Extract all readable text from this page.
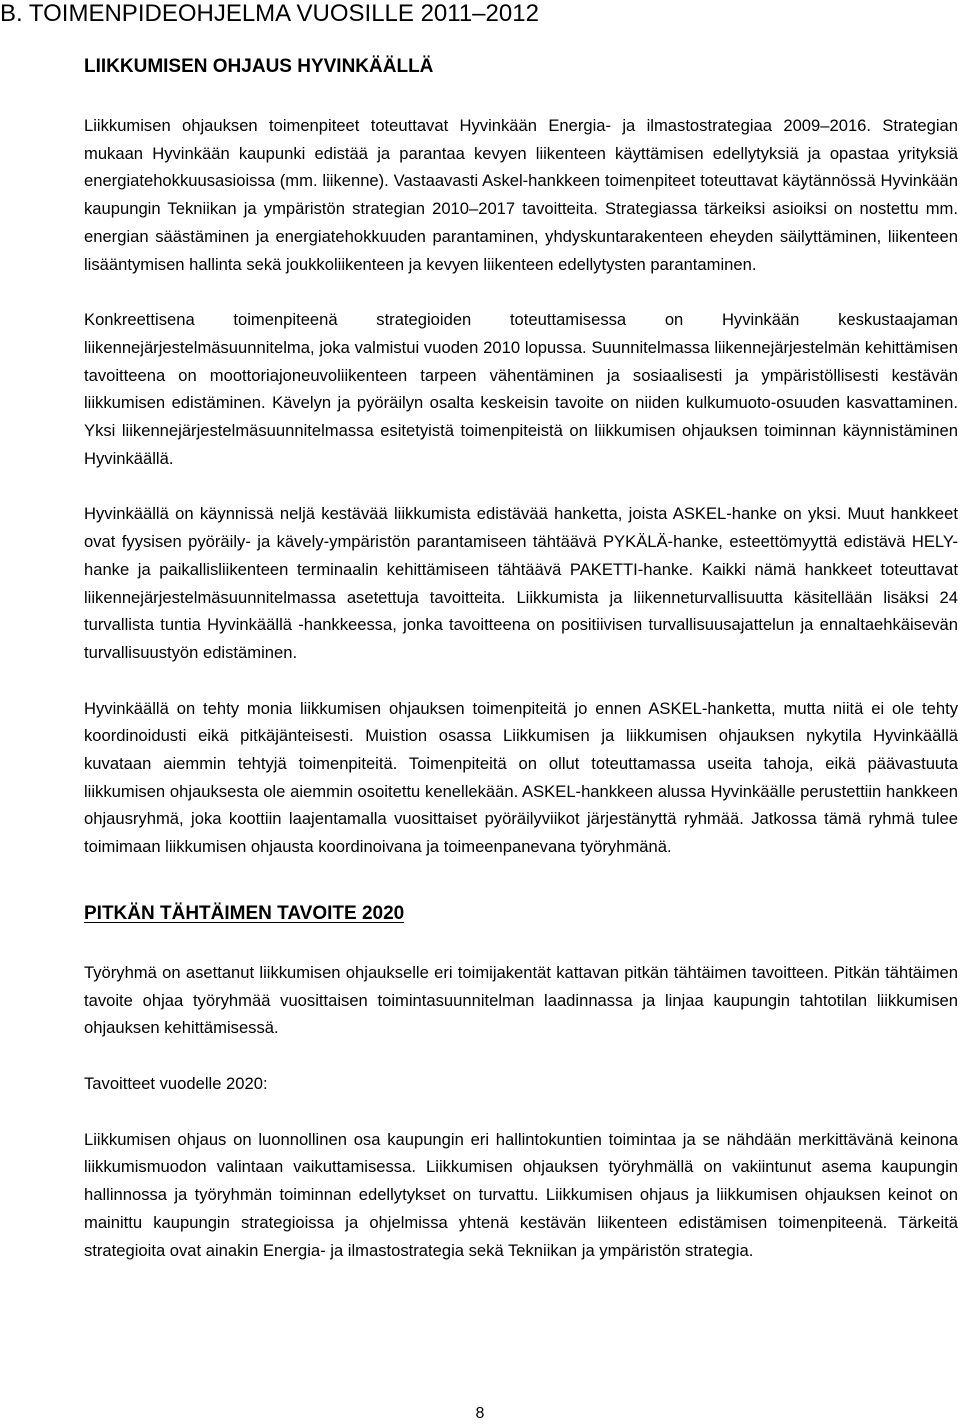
B. TOIMENPIDEOHJELMA VUOSILLE 2011–2012
LIIKKUMISEN OHJAUS HYVINKÄÄLLÄ

Liikkumisen ohjauksen toimenpiteet toteuttavat Hyvinkään Energia- ja ilmastostrategiaa 2009–2016. Strategian mukaan Hyvinkään kaupunki edistää ja parantaa kevyen liikenteen käyttämisen edellytyksiä ja opastaa yrityksiä energiatehokkuusasioissa (mm. liikenne). Vastaavasti Askel-hankkeen toimenpiteet toteuttavat käytännössä Hyvinkään kaupungin Tekniikan ja ympäristön strategian 2010–2017 tavoitteita. Strategiassa tärkeiksi asioiksi on nostettu mm. energian säästäminen ja energiatehokkuuden parantaminen, yhdyskuntarakenteen eheyden säilyttäminen, liikenteen lisääntymisen hallinta sekä joukkoliikenteen ja kevyen liikenteen edellytysten parantaminen.

Konkreettisena toimenpiteenä strategioiden toteuttamisessa on Hyvinkään keskustaajaman liikennejärjestelmäsuunnitelma, joka valmistui vuoden 2010 lopussa. Suunnitelmassa liikennejärjestelmän kehittämisen tavoitteena on moottoriajoneuvoliikenteen tarpeen vähentäminen ja sosiaalisesti ja ympäristöllisesti kestävän liikkumisen edistäminen. Kävelyn ja pyöräilyn osalta keskeisin tavoite on niiden kulkumuoto-osuuden kasvattaminen. Yksi liikennejärjestelmäsuunnitelmassa esitetyistä toimenpiteistä on liikkumisen ohjauksen toiminnan käynnistäminen Hyvinkäällä.

Hyvinkäällä on käynnissä neljä kestävää liikkumista edistävää hanketta, joista ASKEL-hanke on yksi. Muut hankkeet ovat fyysisen pyöräily- ja kävely-ympäristön parantamiseen tähtäävä PYKÄLÄ-hanke, esteettömyyttä edistävä HELY-hanke ja paikallisliikenteen terminaalin kehittämiseen tähtäävä PAKETTI-hanke. Kaikki nämä hankkeet toteuttavat liikennejärjestelmäsuunnitelmassa asetettuja tavoitteita. Liikkumista ja liikenneturvallisuutta käsitellään lisäksi 24 turvallista tuntia Hyvinkäällä -hankkeessa, jonka tavoitteena on positiivisen turvallisuusajattelun ja ennaltaehkäisevän turvallisuustyön edistäminen.

Hyvinkäällä on tehty monia liikkumisen ohjauksen toimenpiteitä jo ennen ASKEL-hanketta, mutta niitä ei ole tehty koordinoidusti eikä pitkäjänteisesti. Muistion osassa Liikkumisen ja liikkumisen ohjauksen nykytila Hyvinkäällä kuvataan aiemmin tehtyjä toimenpiteitä. Toimenpiteitä on ollut toteuttamassa useita tahoja, eikä päävastuuta liikkumisen ohjauksesta ole aiemmin osoitettu kenellekään. ASKEL-hankkeen alussa Hyvinkäälle perustettiin hankkeen ohjausryhmä, joka koottiin laajentamalla vuosittaiset pyöräilyviikot järjestänyttä ryhmää. Jatkossa tämä ryhmä tulee toimimaan liikkumisen ohjausta koordinoivana ja toimeenpanevana työryhmänä.

PITKÄN TÄHTÄIMEN TAVOITE 2020

Työryhmä on asettanut liikkumisen ohjaukselle eri toimijakentät kattavan pitkän tähtäimen tavoitteen. Pitkän tähtäimen tavoite ohjaa työryhmää vuosittaisen toimintasuunnitelman laadinnassa ja linjaa kaupungin tahtotilan liikkumisen ohjauksen kehittämisessä.

Tavoitteet vuodelle 2020:

Liikkumisen ohjaus on luonnollinen osa kaupungin eri hallintokuntien toimintaa ja se nähdään merkittävänä keinona liikkumismuodon valintaan vaikuttamisessa. Liikkumisen ohjauksen työryhmällä on vakiintunut asema kaupungin hallinnossa ja työryhmän toiminnan edellytykset on turvattu. Liikkumisen ohjaus ja liikkumisen ohjauksen keinot on mainittu kaupungin strategioissa ja ohjelmissa yhtenä kestävän liikenteen edistämisen toimenpiteenä. Tärkeitä strategioita ovat ainakin Energia- ja ilmastostrategia sekä Tekniikan ja ympäristön strategia.

8
